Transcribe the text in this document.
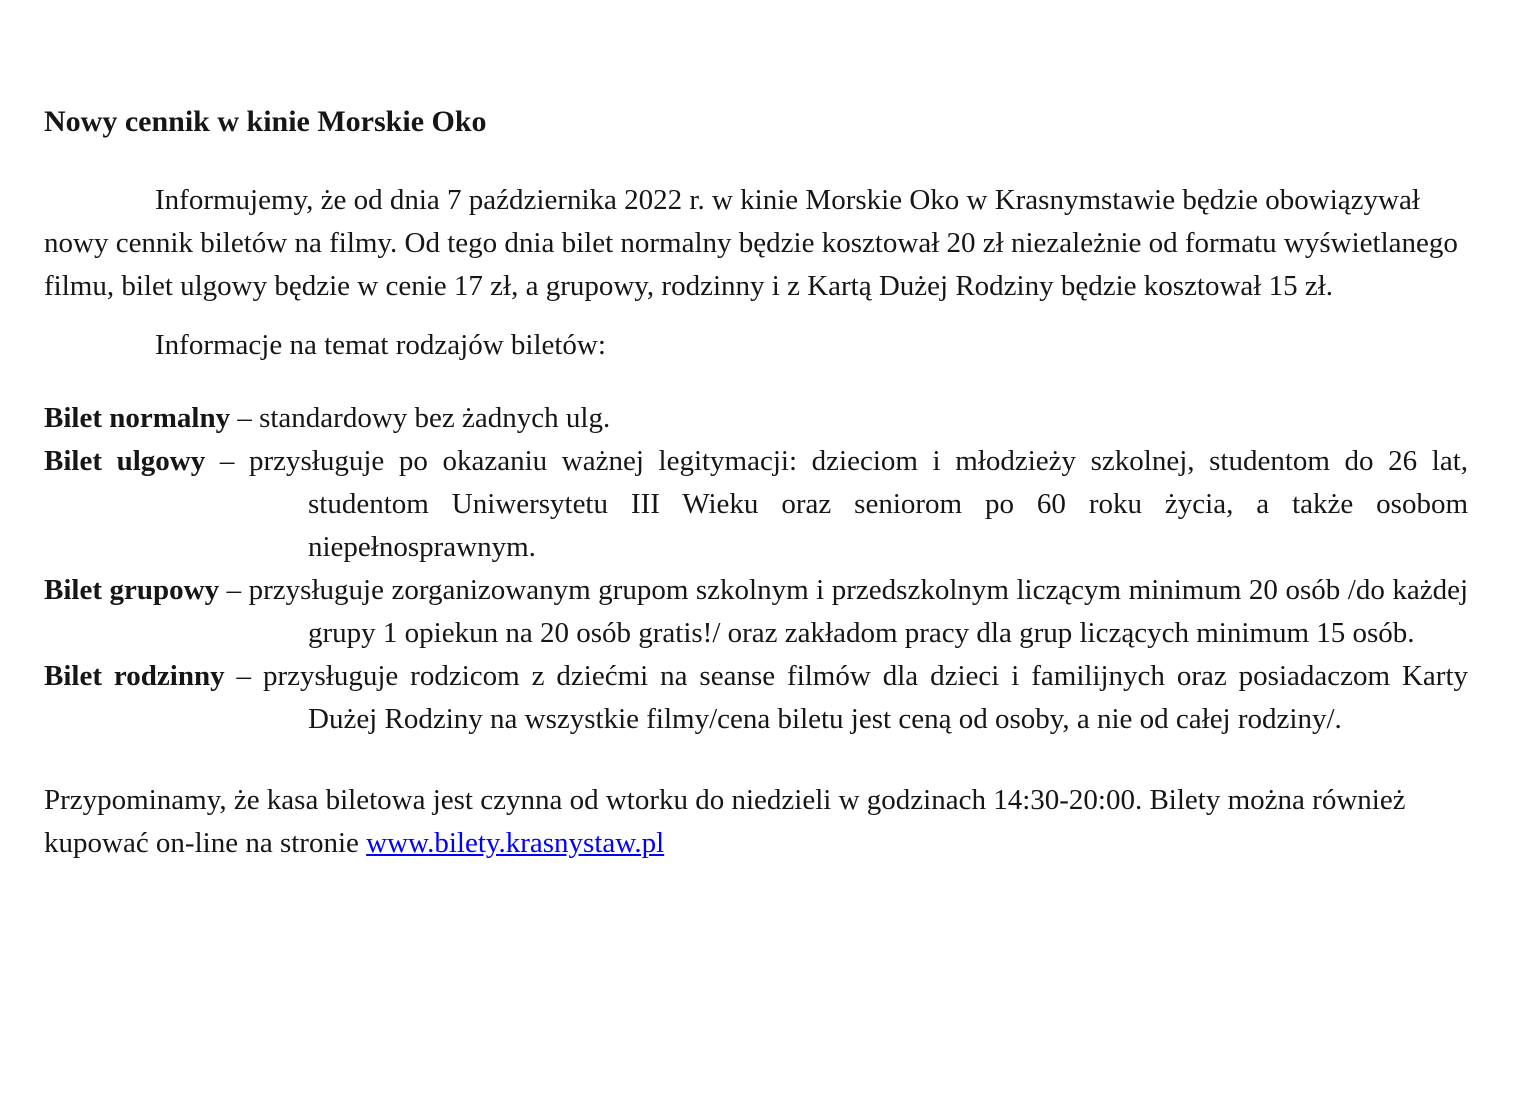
Nowy cennik w kinie Morskie Oko

Informujemy, że od dnia 7 października 2022 r. w kinie Morskie Oko w Krasnymstawie będzie obowiązywał nowy cennik biletów na filmy. Od tego dnia bilet normalny będzie kosztował 20 zł niezależnie od formatu wyświetlanego filmu, bilet ulgowy będzie w cenie 17 zł, a grupowy, rodzinny i z Kartą Dużej Rodziny będzie kosztował 15 zł.

Informacje na temat rodzajów biletów:

Bilet normalny – standardowy bez żadnych ulg.

Bilet ulgowy – przysługuje po okazaniu ważnej legitymacji: dzieciom i młodzieży szkolnej, studentom do 26 lat, studentom Uniwersytetu III Wieku oraz seniorom po 60 roku życia, a także osobom niepełnosprawnym.

Bilet grupowy – przysługuje zorganizowanym grupom szkolnym i przedszkolnym liczącym minimum 20 osób /do każdej grupy 1 opiekun na 20 osób gratis!/ oraz zakładom pracy dla grup liczących minimum 15 osób.

Bilet rodzinny – przysługuje rodzicom z dziećmi na seanse filmów dla dzieci i familijnych oraz posiadaczom Karty Dużej Rodziny na wszystkie filmy/cena biletu jest ceną od osoby, a nie od całej rodziny/.

Przypominamy, że kasa biletowa jest czynna od wtorku do niedzieli w godzinach 14:30-20:00. Bilety można również kupować on-line na stronie www.bilety.krasnystaw.pl
